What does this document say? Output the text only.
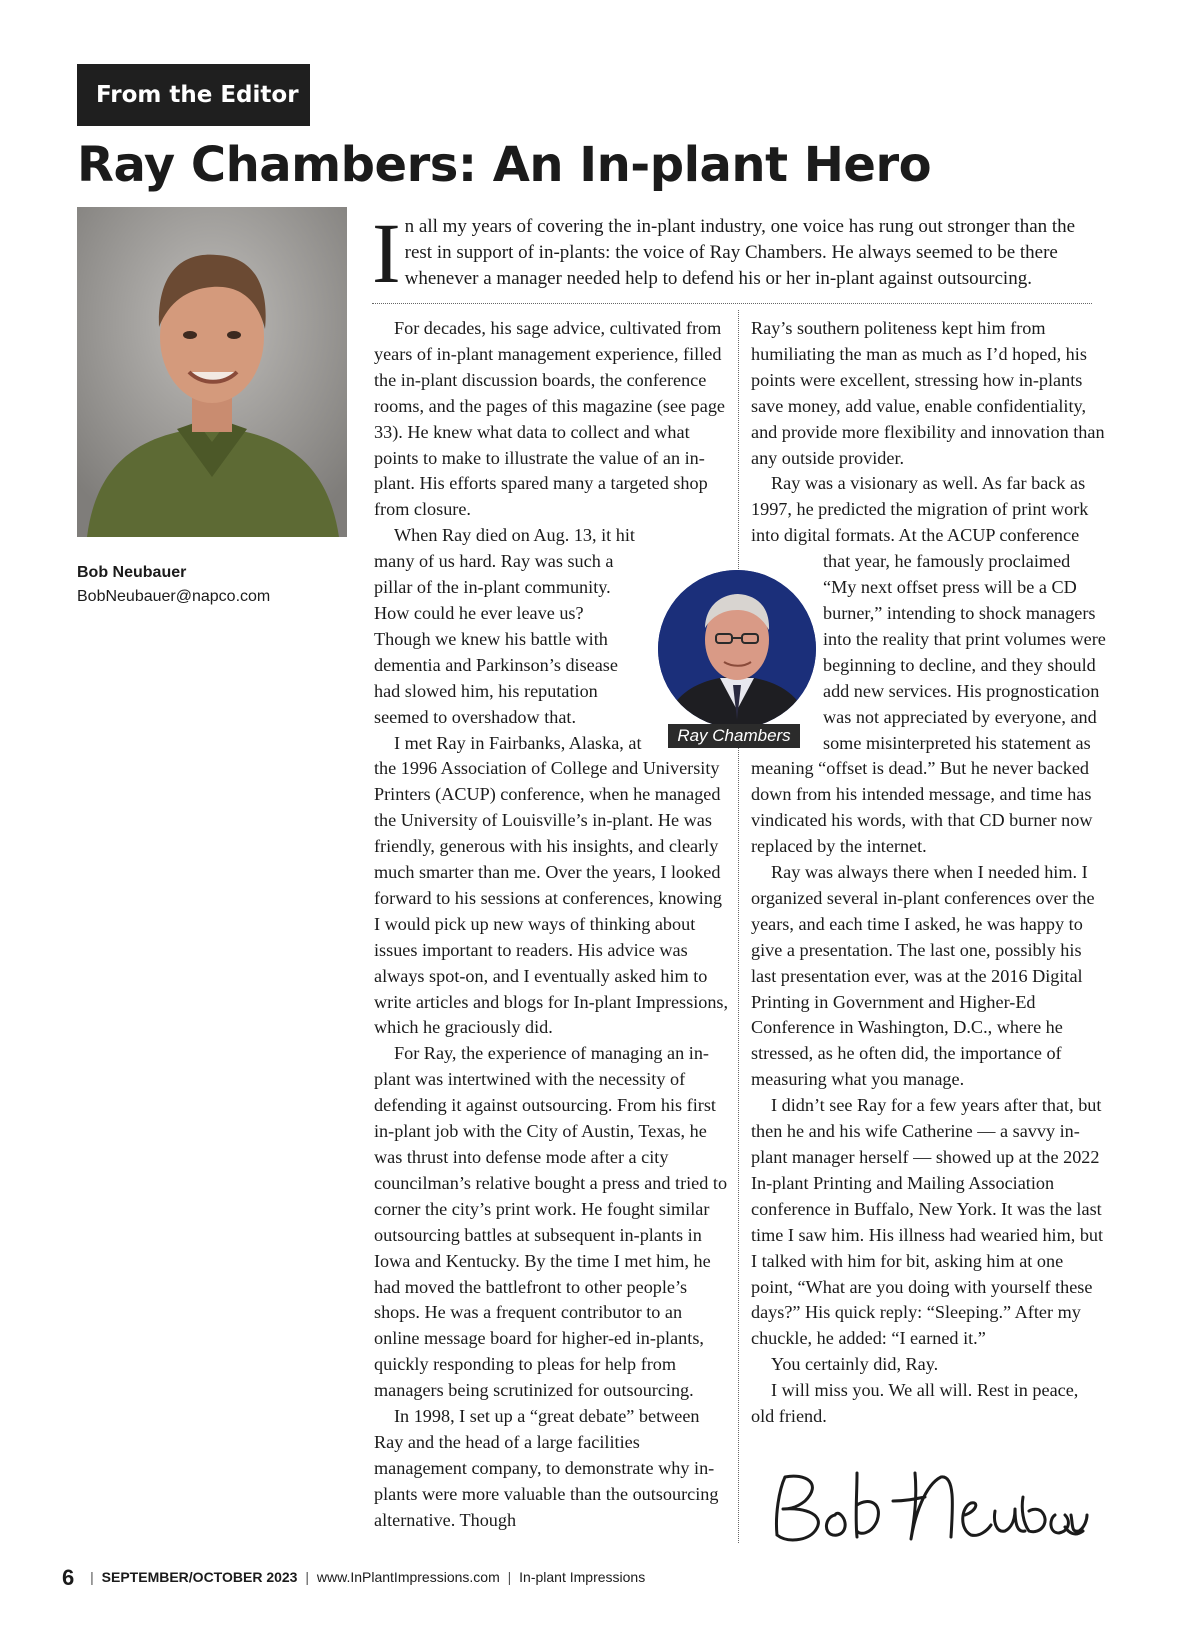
From the Editor
Ray Chambers: An In-plant Hero
Bob Neubauer
BobNeubauer@napco.com
I n all my years of covering the in-plant industry, one voice has rung out stronger than the rest in support of in-plants: the voice of Ray Chambers. He always seemed to be there whenever a manager needed help to defend his or her in-plant against outsourcing.

For decades, his sage advice, cultivated from years of in-plant management experience, filled the in-plant discussion boards, the conference rooms, and the pages of this magazine (see page 33). He knew what data to collect and what points to make to illustrate the value of an in-plant. His efforts spared many a targeted shop from closure.

When Ray died on Aug. 13, it hit many of us hard. Ray was such a pillar of the in-plant community. How could he ever leave us? Though we knew his battle with dementia and Parkinson’s disease had slowed him, his reputation seemed to overshadow that.

I met Ray in Fairbanks, Alaska, at the 1996 Association of College and University Printers (ACUP) conference, when he managed the University of Louisville’s in-plant. He was friendly, generous with his insights, and clearly much smarter than me. Over the years, I looked forward to his sessions at conferences, knowing I would pick up new ways of thinking about issues important to readers. His advice was always spot-on, and I eventually asked him to write articles and blogs for In-plant Impressions, which he graciously did.

For Ray, the experience of managing an in-plant was intertwined with the necessity of defending it against outsourcing. From his first in-plant job with the City of Austin, Texas, he was thrust into defense mode after a city councilman’s relative bought a press and tried to corner the city’s print work. He fought similar outsourcing battles at subsequent in-plants in Iowa and Kentucky. By the time I met him, he had moved the battlefront to other people’s shops. He was a frequent contributor to an online message board for higher-ed in-plants, quickly responding to pleas for help from managers being scrutinized for outsourcing.

In 1998, I set up a “great debate” between Ray and the head of a large facilities management company, to demonstrate why in-plants were more valuable than the outsourcing alternative. Though

Ray’s southern politeness kept him from humiliating the man as much as I’d hoped, his points were excellent, stressing how in-plants save money, add value, enable confidentiality, and provide more flexibility and innovation than any outside provider.

Ray was a visionary as well. As far back as 1997, he predicted the migration of print work into digital formats. At the ACUP conference that year, he famously proclaimed “My next offset press will be a CD burner,” intending to shock managers into the reality that print volumes were beginning to decline, and they should add new services. His prognostication was not appreciated by everyone, and some misinterpreted his statement as meaning “offset is dead.” But he never backed down from his intended message, and time has vindicated his words, with that CD burner now replaced by the internet.

Ray was always there when I needed him. I organized several in-plant conferences over the years, and each time I asked, he was happy to give a presentation. The last one, possibly his last presentation ever, was at the 2016 Digital Printing in Government and Higher-Ed Conference in Washington, D.C., where he stressed, as he often did, the importance of measuring what you manage.

I didn’t see Ray for a few years after that, but then he and his wife Catherine — a savvy in-plant manager herself — showed up at the 2022 In-plant Printing and Mailing Association conference in Buffalo, New York. It was the last time I saw him. His illness had wearied him, but I talked with him for bit, asking him at one point, “What are you doing with yourself these days?” His quick reply: “Sleeping.” After my chuckle, he added: “I earned it.”

You certainly did, Ray.

I will miss you. We all will. Rest in peace, old friend.

Ray Chambers
6 | SEPTEMBER/OCTOBER 2023 | www.InPlantImpressions.com | In-plant Impressions
